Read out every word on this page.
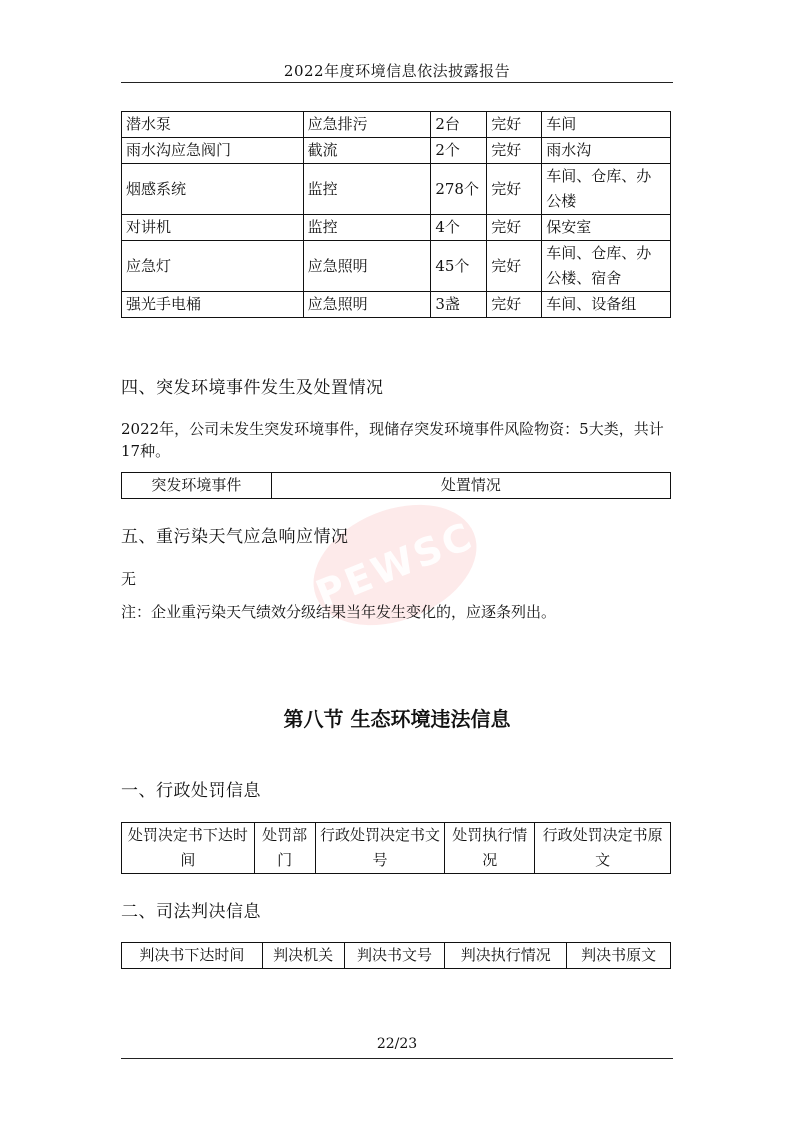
2022年度环境信息依法披露报告
潜水泵	应急排污	2台	完好	车间
雨水沟应急阀门	截流	2个	完好	雨水沟
烟感系统	监控	278个	完好	车间、仓库、办公楼
对讲机	监控	4个	完好	保安室
应急灯	应急照明	45个	完好	车间、仓库、办公楼、宿舍
强光手电桶	应急照明	3盏	完好	车间、设备组
四、突发环境事件发生及处置情况
2022年，公司未发生突发环境事件，现储存突发环境事件风险物资：5大类，共计17种。
突发环境事件	处置情况
PEWSC
五、重污染天气应急响应情况
无
注：企业重污染天气绩效分级结果当年发生变化的，应逐条列出。
第八节 生态环境违法信息
一、行政处罚信息
处罚决定书下达时间	处罚部门	行政处罚决定书文号	处罚执行情况	行政处罚决定书原文
二、司法判决信息
判决书下达时间	判决机关	判决书文号	判决执行情况	判决书原文
22/23
